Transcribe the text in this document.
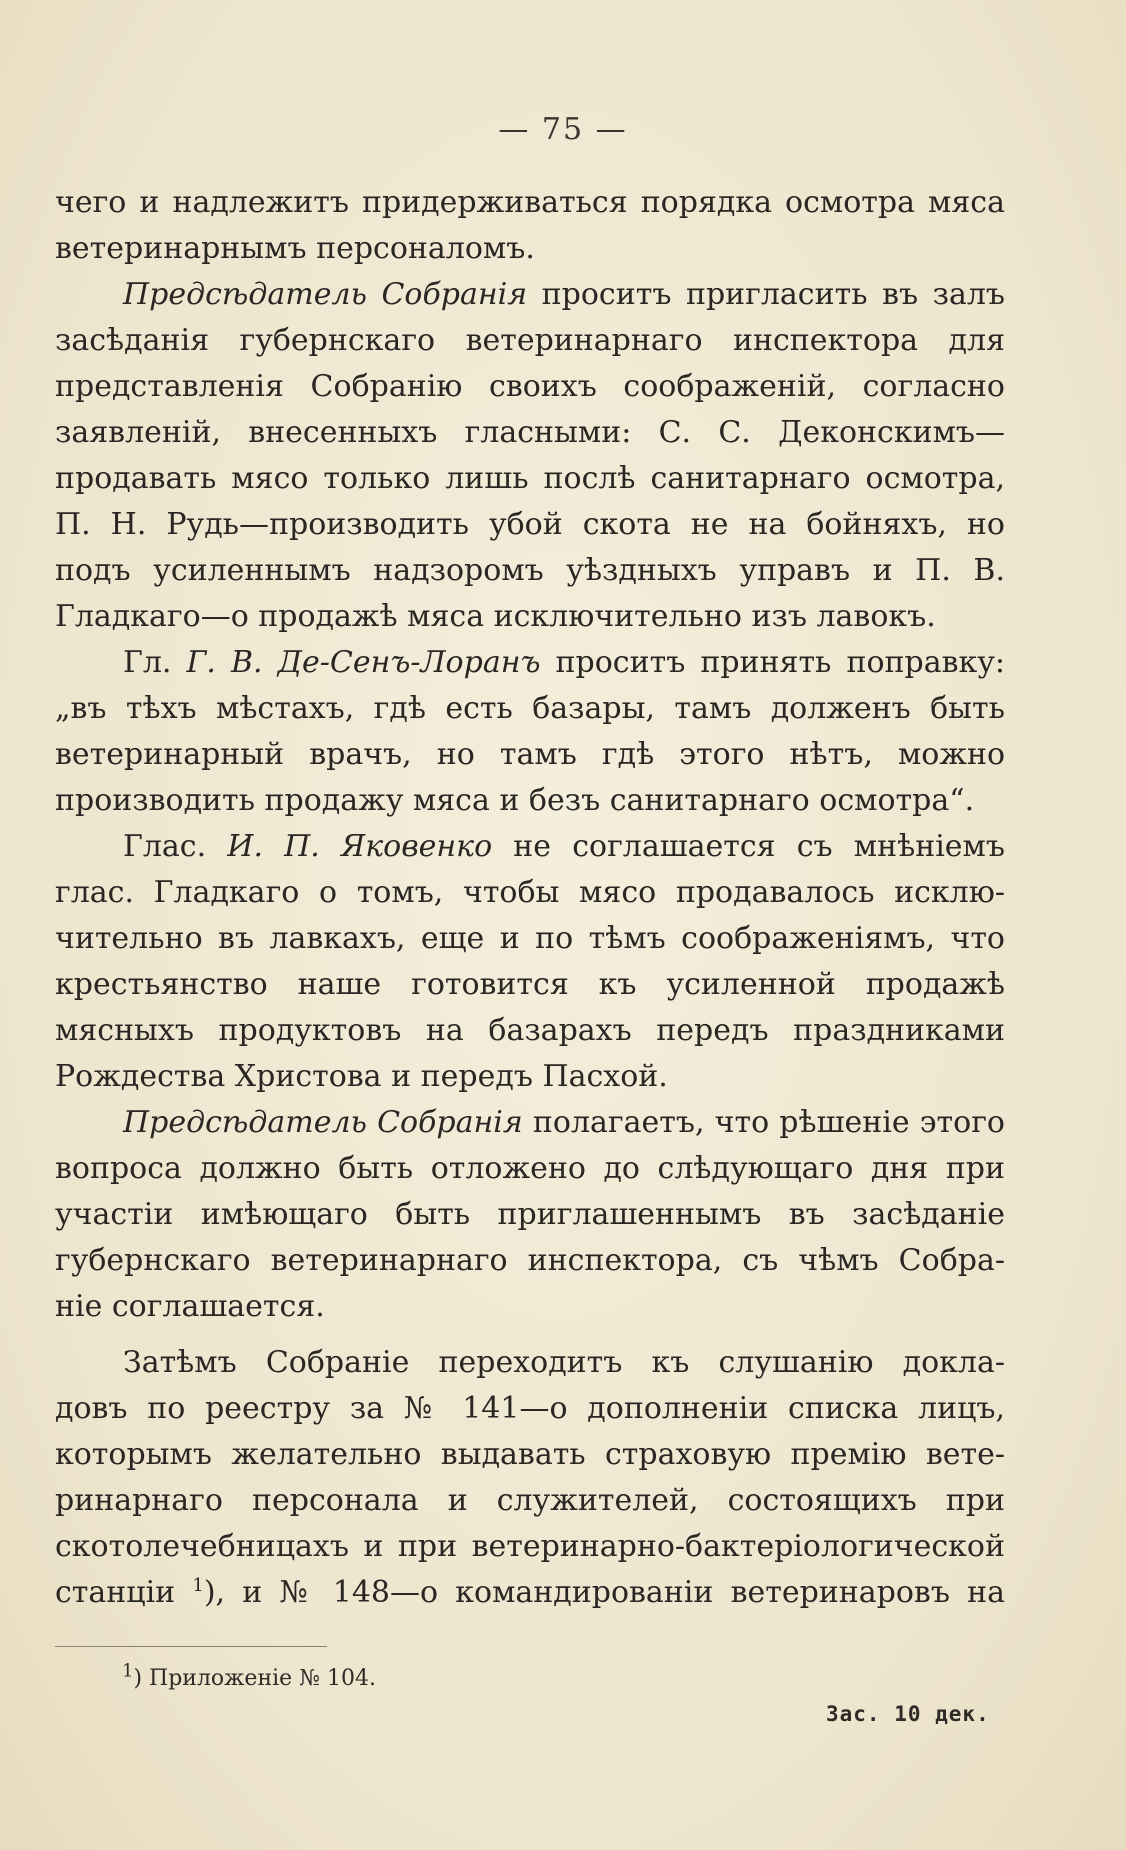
— 75 —
чего и надлежитъ придерживаться порядка осмотра мяса
ветеринарнымъ персоналомъ.
Предсѣдатель Собранія проситъ пригласить въ залъ
засѣданія губернскаго ветеринарнаго инспектора для
представленія Собранію своихъ соображеній, согласно
заявленій, внесенныхъ гласными: С. С. Деконскимъ—
продавать мясо только лишь послѣ санитарнаго осмотра,
П. Н. Рудь—производить убой скота не на бойняхъ, но
подъ усиленнымъ надзоромъ уѣздныхъ управъ и П. В.
Гладкаго—о продажѣ мяса исключительно изъ лавокъ.
Гл. Г. В. Де-Сенъ-Лоранъ проситъ принять поправку:
„въ тѣхъ мѣстахъ, гдѣ есть базары, тамъ долженъ быть
ветеринарный врачъ, но тамъ гдѣ этого нѣтъ, можно
производить продажу мяса и безъ санитарнаго осмотра“.
Глас. И. П. Яковенко не соглашается съ мнѣніемъ
глас. Гладкаго о томъ, чтобы мясо продавалось исклю-
чительно въ лавкахъ, еще и по тѣмъ соображеніямъ, что
крестьянство наше готовится къ усиленной продажѣ
мясныхъ продуктовъ на базарахъ передъ праздниками
Рождества Христова и передъ Пасхой.
Предсѣдатель Собранія полагаетъ, что рѣшеніе этого
вопроса должно быть отложено до слѣдующаго дня при
участіи имѣющаго быть приглашеннымъ въ засѣданіе
губернскаго ветеринарнаго инспектора, съ чѣмъ Собра-
ніе соглашается.
Затѣмъ Собраніе переходитъ къ слушанію докла-
довъ по реестру за № 141—о дополненіи списка лицъ,
которымъ желательно выдавать страховую премію вете-
ринарнаго персонала и служителей, состоящихъ при
скотолечебницахъ и при ветеринарно-бактеріологической
станціи $^1$), и № 148—о командированіи ветеринаровъ на
$^1$) Приложеніе № 104.
Зас. 10 дек.
